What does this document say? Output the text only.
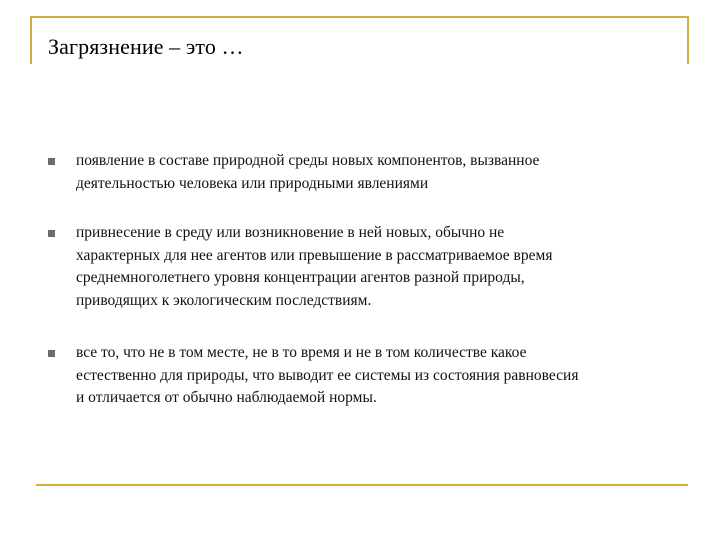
Загрязнение – это …
появление в составе природной среды новых компонентов, вызванное
деятельностью человека или природными явлениями
привнесение в среду или возникновение в ней новых, обычно не
характерных для нее агентов или превышение в рассматриваемое время
среднемноголетнего уровня концентрации агентов разной природы,
приводящих к экологическим последствиям.
все то, что не в том месте, не в то время и не в том количестве какое
естественно для природы, что выводит ее системы из состояния равновесия
и отличается от обычно наблюдаемой нормы.
